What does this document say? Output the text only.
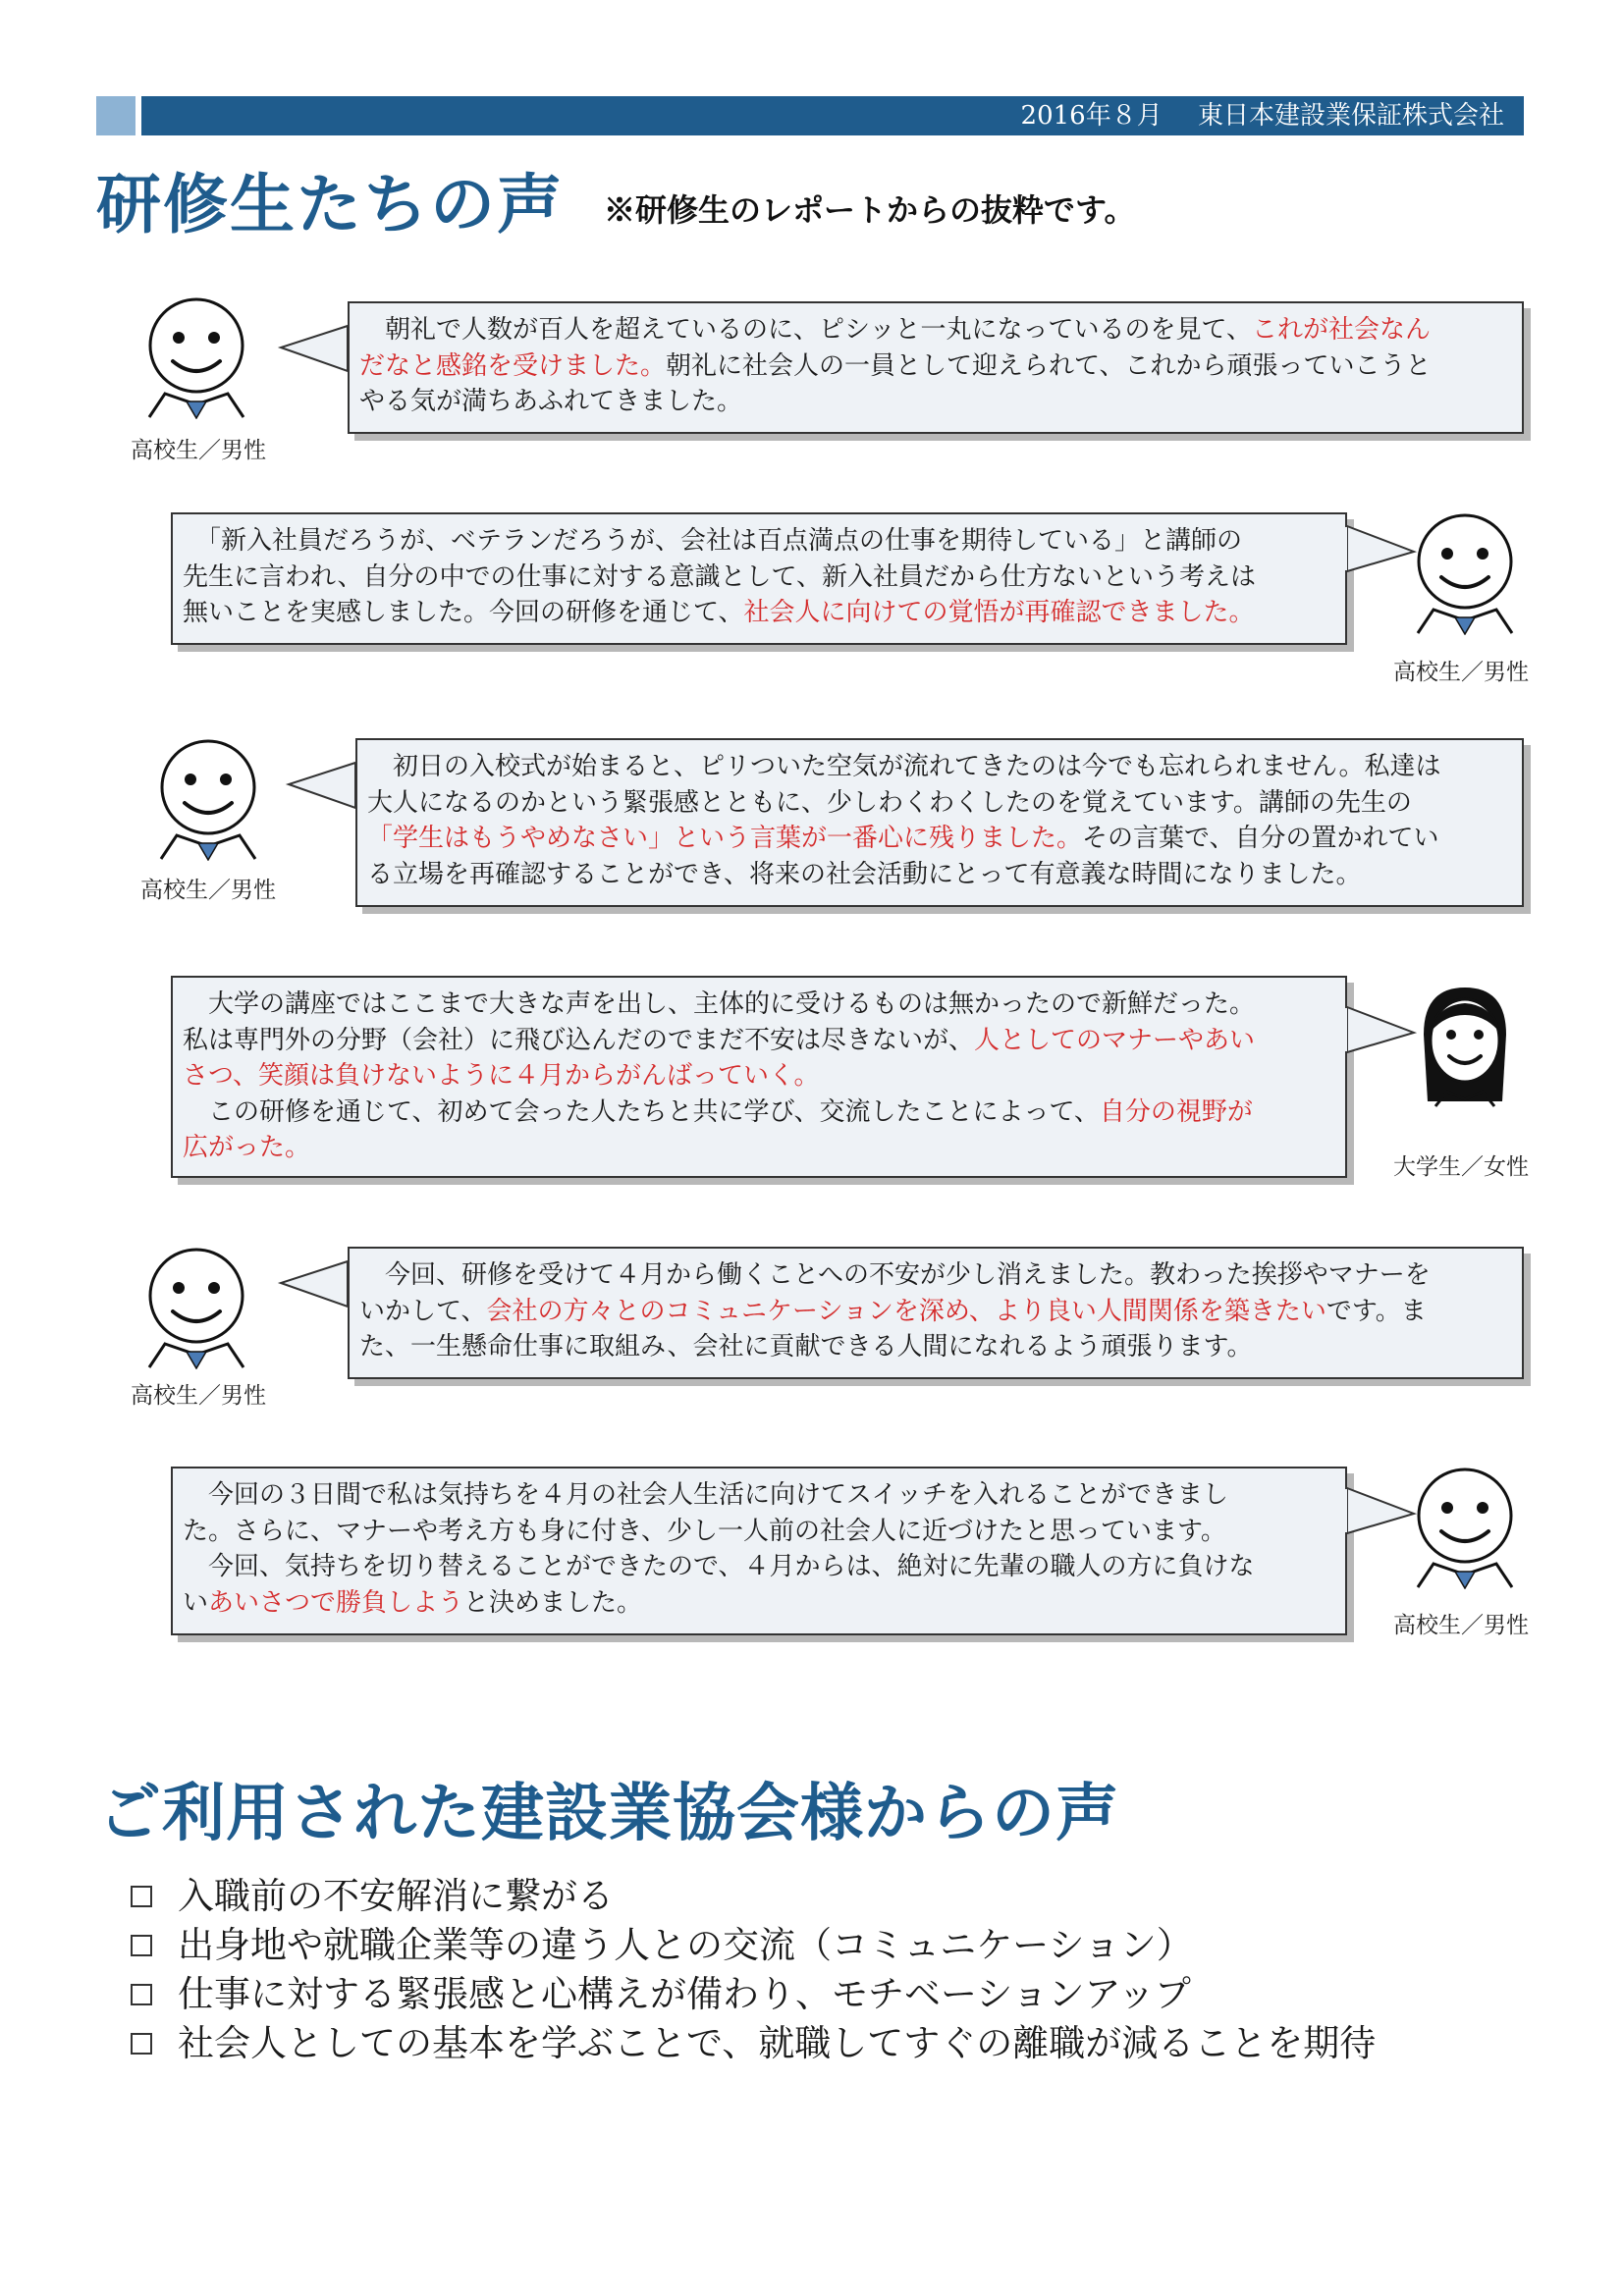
2016年８月 東日本建設業保証株式会社
研修生たちの声 ※研修生のレポートからの抜粋です。
高校生／男性

　朝礼で人数が百人を超えているのに、ピシッと一丸になっているのを見て、これが社会なん

だなと感銘を受けました。朝礼に社会人の一員として迎えられて、これから頑張っていこうと

やる気が満ちあふれてきました。

　「新入社員だろうが、ベテランだろうが、会社は百点満点の仕事を期待している」と講師の

先生に言われ、自分の中での仕事に対する意識として、新入社員だから仕方ないという考えは

無いことを実感しました。今回の研修を通じて、社会人に向けての覚悟が再確認できました。

高校生／男性
高校生／男性

　初日の入校式が始まると、ピリついた空気が流れてきたのは今でも忘れられません。私達は

大人になるのかという緊張感とともに、少しわくわくしたのを覚えています。講師の先生の

「学生はもうやめなさい」という言葉が一番心に残りました。その言葉で、自分の置かれてい

る立場を再確認することができ、将来の社会活動にとって有意義な時間になりました。

　大学の講座ではここまで大きな声を出し、主体的に受けるものは無かったので新鮮だった。

私は専門外の分野（会社）に飛び込んだのでまだ不安は尽きないが、人としてのマナーやあい

さつ、笑顔は負けないように４月からがんばっていく。

　この研修を通じて、初めて会った人たちと共に学び、交流したことによって、自分の視野が

広がった。

大学生／女性
高校生／男性

　今回、研修を受けて４月から働くことへの不安が少し消えました。教わった挨拶やマナーを

いかして、会社の方々とのコミュニケーションを深め、より良い人間関係を築きたいです。ま

た、一生懸命仕事に取組み、会社に貢献できる人間になれるよう頑張ります。

　今回の３日間で私は気持ちを４月の社会人生活に向けてスイッチを入れることができまし

た。さらに、マナーや考え方も身に付き、少し一人前の社会人に近づけたと思っています。

　今回、気持ちを切り替えることができたので、４月からは、絶対に先輩の職人の方に負けな

いあいさつで勝負しようと決めました。

高校生／男性
ご利用された建設業協会様からの声
入職前の不安解消に繋がる
出身地や就職企業等の違う人との交流（コミュニケーション）
仕事に対する緊張感と心構えが備わり、モチベーションアップ
社会人としての基本を学ぶことで、就職してすぐの離職が減ることを期待
